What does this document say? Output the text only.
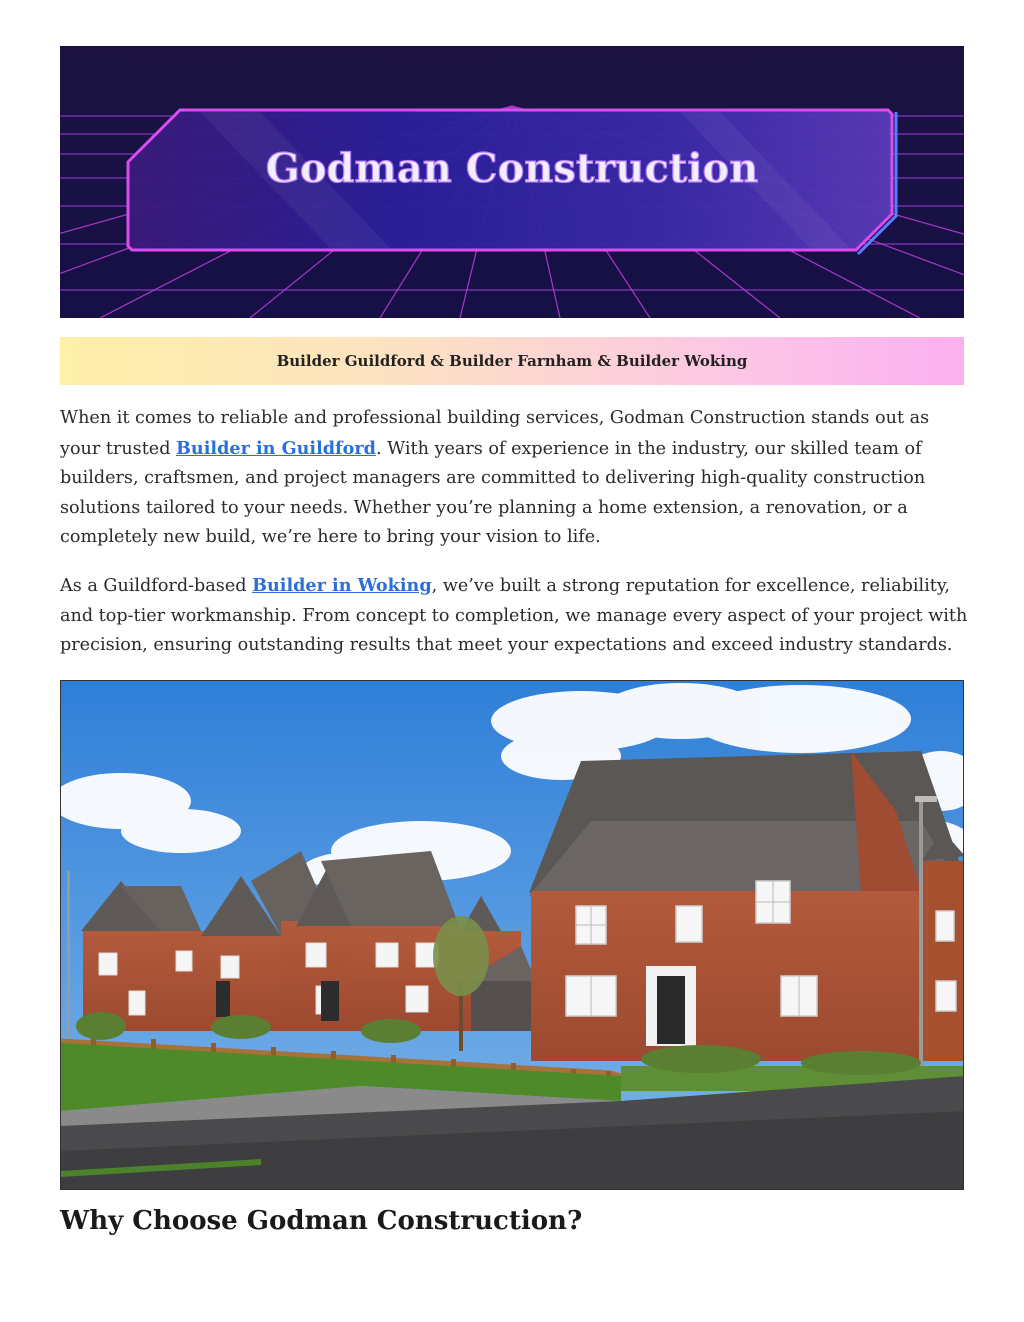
Godman Construction
Builder Guildford & Builder Farnham & Builder Woking

When it comes to reliable and professional building services, Godman Construction stands out as your trusted Builder in Guildford. With years of experience in the industry, our skilled team of builders, craftsmen, and project managers are committed to delivering high-quality construction solutions tailored to your needs. Whether you’re planning a home extension, a renovation, or a completely new build, we’re here to bring your vision to life.

As a Guildford-based Builder in Woking, we’ve built a strong reputation for excellence, reliability, and top-tier workmanship. From concept to completion, we manage every aspect of your project with precision, ensuring outstanding results that meet your expectations and exceed industry standards.

Why Choose Godman Construction?
